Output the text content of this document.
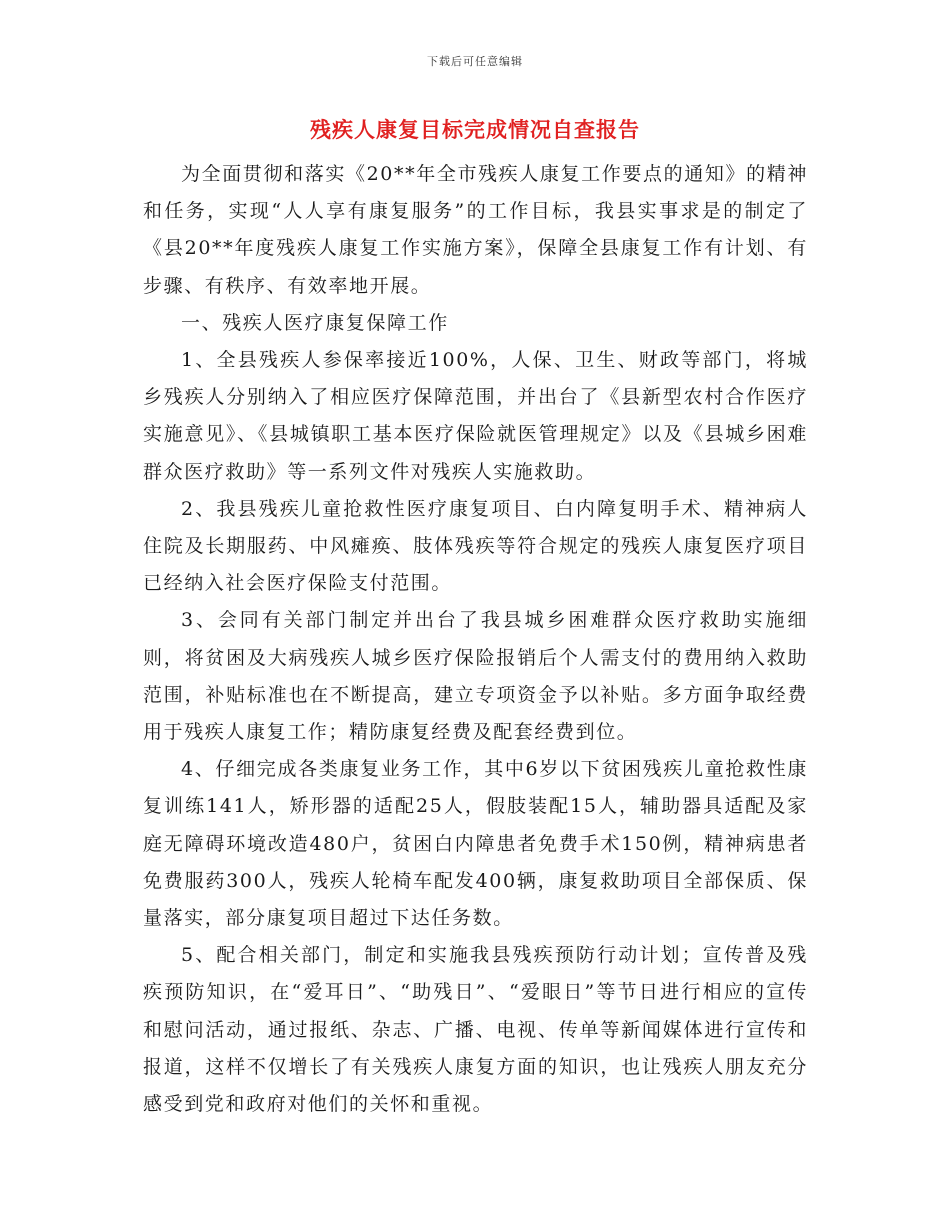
下载后可任意编辑
残疾人康复目标完成情况自查报告

为全面贯彻和落实《20**年全市残疾人康复工作要点的通知》的精神和任务，实现“人人享有康复服务”的工作目标，我县实事求是的制定了《县20**年度残疾人康复工作实施方案》，保障全县康复工作有计划、有步骤、有秩序、有效率地开展。

一、残疾人医疗康复保障工作

1、全县残疾人参保率接近100%，人保、卫生、财政等部门，将城乡残疾人分别纳入了相应医疗保障范围，并出台了《县新型农村合作医疗实施意见》、《县城镇职工基本医疗保险就医管理规定》以及《县城乡困难群众医疗救助》等一系列文件对残疾人实施救助。

2、我县残疾儿童抢救性医疗康复项目、白内障复明手术、精神病人住院及长期服药、中风瘫痪、肢体残疾等符合规定的残疾人康复医疗项目已经纳入社会医疗保险支付范围。

3、会同有关部门制定并出台了我县城乡困难群众医疗救助实施细则，将贫困及大病残疾人城乡医疗保险报销后个人需支付的费用纳入救助范围，补贴标准也在不断提高，建立专项资金予以补贴。多方面争取经费用于残疾人康复工作；精防康复经费及配套经费到位。

4、仔细完成各类康复业务工作，其中6岁以下贫困残疾儿童抢救性康复训练141人，矫形器的适配25人，假肢装配15人，辅助器具适配及家庭无障碍环境改造480户，贫困白内障患者免费手术150例，精神病患者免费服药300人，残疾人轮椅车配发400辆，康复救助项目全部保质、保量落实，部分康复项目超过下达任务数。

5、配合相关部门，制定和实施我县残疾预防行动计划；宣传普及残疾预防知识，在“爱耳日”、“助残日”、“爱眼日”等节日进行相应的宣传和慰问活动，通过报纸、杂志、广播、电视、传单等新闻媒体进行宣传和报道，这样不仅增长了有关残疾人康复方面的知识，也让残疾人朋友充分感受到党和政府对他们的关怀和重视。
